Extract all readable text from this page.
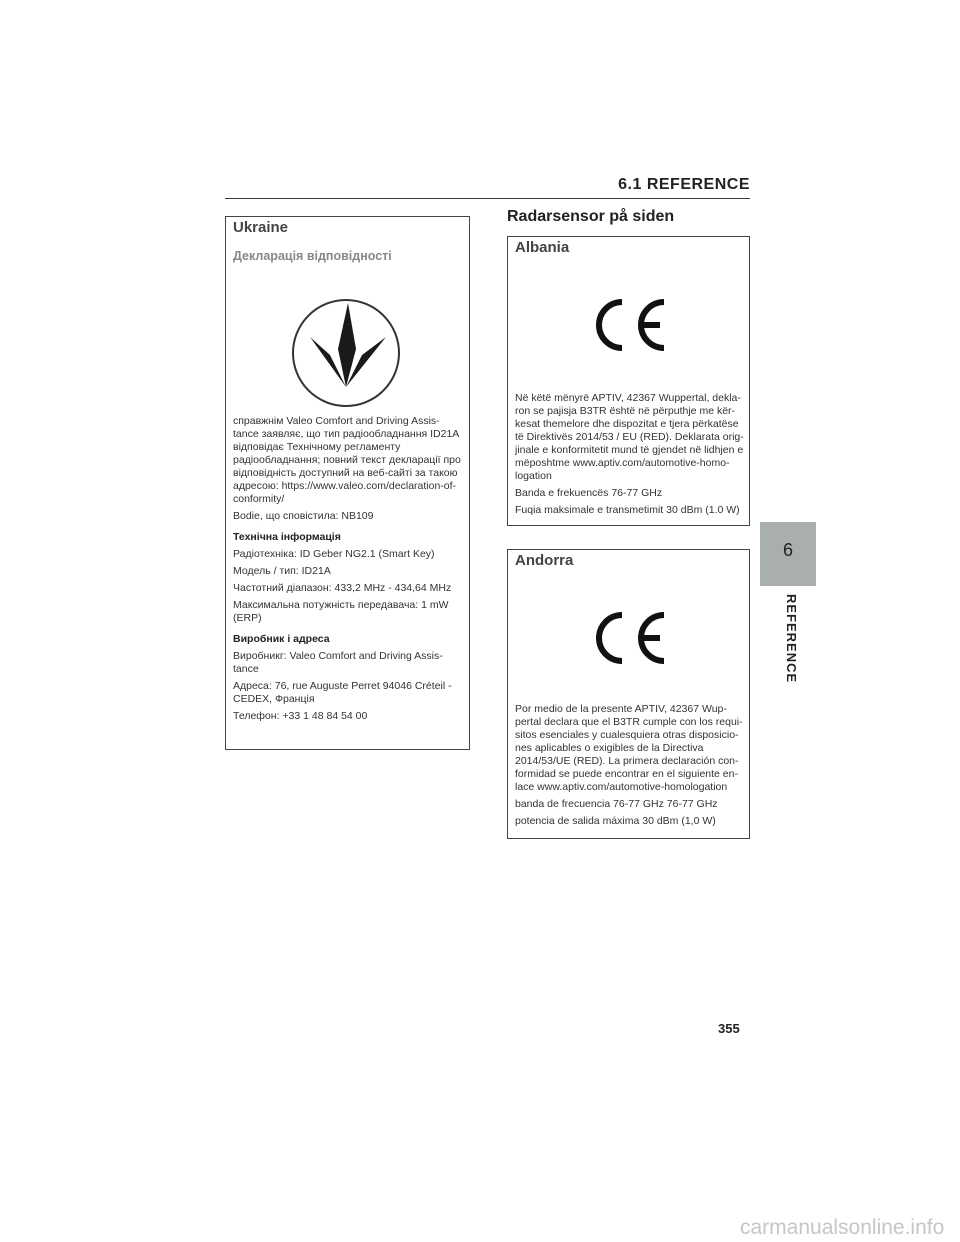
6.1 REFERENCE
6
REFERENCE
Ukraine
Декларація відповідності

справжнім Valeo Comfort and Driving Assis-tance заявляє, що тип радіообладнання ID21A відповідає Технічному регламенту радіообладнання; повний текст декларації про відповідність доступний на веб-сайті за такою адресою: https://www.valeo.com/declaration-of-conformity/

Bodie, що сповістила: NB109

Технічна інформація

Радіотехніка: ID Geber NG2.1 (Smart Key)

Модель / тип: ID21A

Частотний діапазон: 433,2 MHz - 434,64 MHz

Максимальна потужність передавача: 1 mW (ERP)

Виробник і адреса

Виробникг: Valeo Comfort and Driving Assis-tance

Адреса: 76, rue Auguste Perret 94046 Créteil - CEDEX, Франція

Телефон: +33 1 48 84 54 00

Radarsensor på siden
Albania

Në këtë mënyrë APTIV, 42367 Wuppertal, dekla-ron se pajisja B3TR është në përputhje me kër-kesat themelore dhe dispozitat e tjera përkatëse të Direktivës 2014/53 / EU (RED). Deklarata orig-jinale e konformitetit mund të gjendet në lidhjen e mëposhtme www.aptiv.com/automotive-homo-logation

Banda e frekuencës 76-77 GHz

Fuqia maksimale e transmetimit 30 dBm (1.0 W)

Andorra

Por medio de la presente APTIV, 42367 Wup-pertal declara que el B3TR cumple con los requi-sitos esenciales y cualesquiera otras disposicio-nes aplicables o exigibles de la Directiva 2014/53/UE (RED). La primera declaración con-formidad se puede encontrar en el siguiente en-lace www.aptiv.com/automotive-homologation

banda de frecuencia 76-77 GHz 76-77 GHz

potencia de salida máxima 30 dBm (1,0 W)

355
carmanualsonline.info
